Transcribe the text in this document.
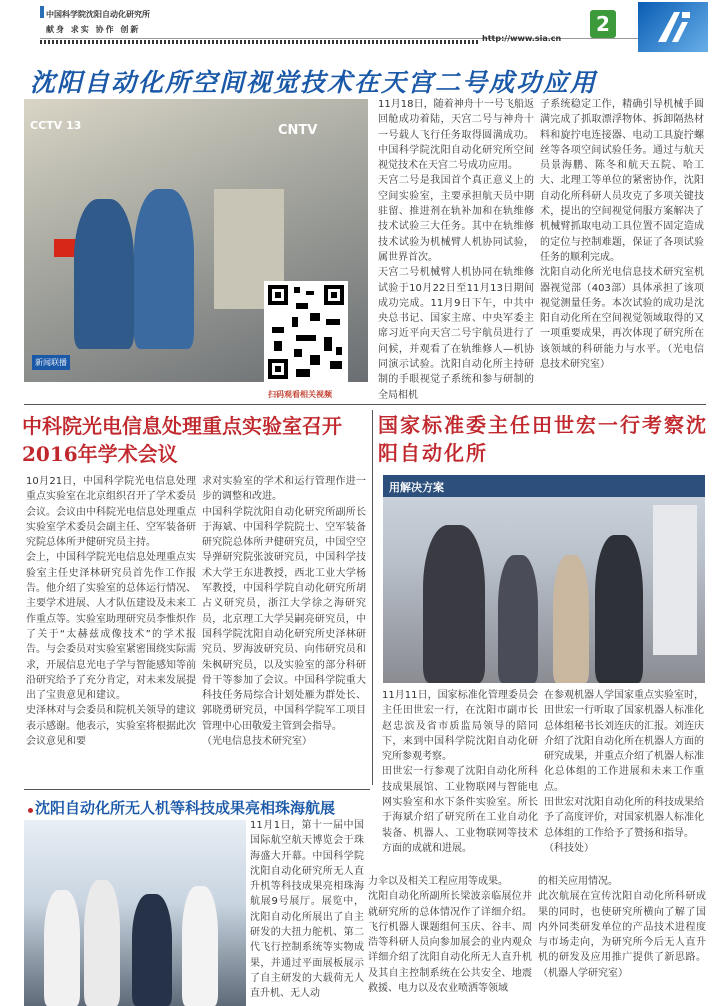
中国科学院沈阳自动化研究所
献身 求实 协作 创新
http://www.sia.cn
2
沈阳自动化所空间视觉技术在天宫二号成功应用
CCTV 13	CNTV
新闻联播
扫码观看相关视频
11月18日，随着神舟十一号飞船返回舱成功着陆，天宫二号与神舟十一号载人飞行任务取得圆满成功。中国科学院沈阳自动化研究所空间视觉技术在天宫二号成功应用。
天宫二号是我国首个真正意义上的空间实验室，主要承担航天员中期驻留、推进剂在轨补加和在轨维修技术试验三大任务。其中在轨维修技术试验为机械臂人机协同试验，属世界首次。
天宫二号机械臂人机协同在轨维修试验于10月22日至11月13日期间成功完成。11月9日下午，中共中央总书记、国家主席、中央军委主席习近平向天宫二号宇航员进行了问候，并观看了在轨维修人—机协同演示试验。沈阳自动化所主持研制的手眼视觉子系统和参与研制的全局相机
子系统稳定工作，精确引导机械手圆满完成了抓取漂浮物体、拆卸隔热材料和旋拧电连接器、电动工具旋拧螺丝等各项空间试验任务。通过与航天员景海鹏、陈冬和航天五院、哈工大、北理工等单位的紧密协作，沈阳自动化所科研人员攻克了多项关键技术，提出的空间视觉伺服方案解决了机械臂抓取电动工具位置不固定造成的定位与控制难题，保证了各项试验任务的顺利完成。
沈阳自动化所光电信息技术研究室机器视觉部（403部）具体承担了该项视觉测量任务。本次试验的成功是沈阳自动化所在空间视觉领域取得的又一项重要成果，再次体现了研究所在该领域的科研能力与水平。（光电信息技术研究室）
中科院光电信息处理重点实验室召开2016年学术会议
10月21日，中国科学院光电信息处理重点实验室在北京组织召开了学术委员会议。会议由中科院光电信息处理重点实验室学术委员会副主任、空军装备研究院总体所尹健研究员主持。
会上，中国科学院光电信息处理重点实验室主任史泽林研究员首先作工作报告。他介绍了实验室的总体运行情况、主要学术进展、人才队伍建设及未来工作重点等。实验室助理研究员李惟炽作了关于“太赫兹成像技术”的学术报告。与会委员对实验室紧密围绕实际需求，开展信息光电子学与智能感知等前沿研究给予了充分肯定，对未来发展提出了宝贵意见和建议。
史泽林对与会委员和院机关领导的建议表示感谢。他表示，实验室将根据此次会议意见和要
求对实验室的学术和运行管理作进一步的调整和改进。
中国科学院沈阳自动化研究所副所长于海斌、中国科学院院士、空军装备研究院总体所尹健研究员，中国空空导弹研究院张波研究员，中国科学技术大学王东进教授，西北工业大学杨军教授，中国科学院自动化研究所胡占义研究员，浙江大学徐之海研究员，北京理工大学吴嗣亮研究员，中国科学院沈阳自动化研究所史泽林研究员、罗海波研究员、向伟研究员和朱枫研究员，以及实验室的部分科研骨干等参加了会议。中国科学院重大科技任务局综合计划处雁为群处长、郭晓勇研究员，中国科学院军工项目管理中心田敬爱主管到会指导。
（光电信息技术研究室）
国家标准委主任田世宏一行考察沈阳自动化所
用解决方案
11月11日，国家标准化管理委员会主任田世宏一行，在沈阳市副市长赵忠滨及省市质监局领导的陪同下，来到中国科学院沈阳自动化研究所参观考察。
田世宏一行参观了沈阳自动化所科技成果展馆、工业物联网与智能电网实验室和水下条件实验室。所长于海斌介绍了研究所在工业自动化装备、机器人、工业物联网等技术方面的成就和进展。
在参观机器人学国家重点实验室时，田世宏一行听取了国家机器人标准化总体组秘书长刘连庆的汇报。刘连庆介绍了沈阳自动化所在机器人方面的研究成果，并重点介绍了机器人标准化总体组的工作进展和未来工作重点。
田世宏对沈阳自动化所的科技成果给予了高度评价，对国家机器人标准化总体组的工作给予了赞扬和指导。
（科技处）
沈阳自动化所无人机等科技成果亮相珠海航展
11月1日，第十一届中国国际航空航天博览会于珠海盛大开幕。中国科学院沈阳自动化研究所无人直升机等科技成果亮相珠海航展9号展厅。展览中，沈阳自动化所展出了自主研发的大扭力舵机、第二代飞行控制系统等实物成果，并通过平面展板展示了自主研发的大载荷无人直升机、无人动
力伞以及相关工程应用等成果。
沈阳自动化所副所长梁波亲临展位并就研究所的总体情况作了详细介绍。飞行机器人课题组何玉庆、谷丰、周浩等科研人员向参加展会的业内观众详细介绍了沈阳自动化所无人直升机及其自主控制系统在公共安全、地震救援、电力以及农业喷洒等领域
的相关应用情况。
此次航展在宣传沈阳自动化所科研成果的同时，也使研究所横向了解了国内外同类研发单位的产品技术进程度与市场走向，为研究所今后无人直升机的研发及应用推广提供了新思路。（机器人学研究室）
